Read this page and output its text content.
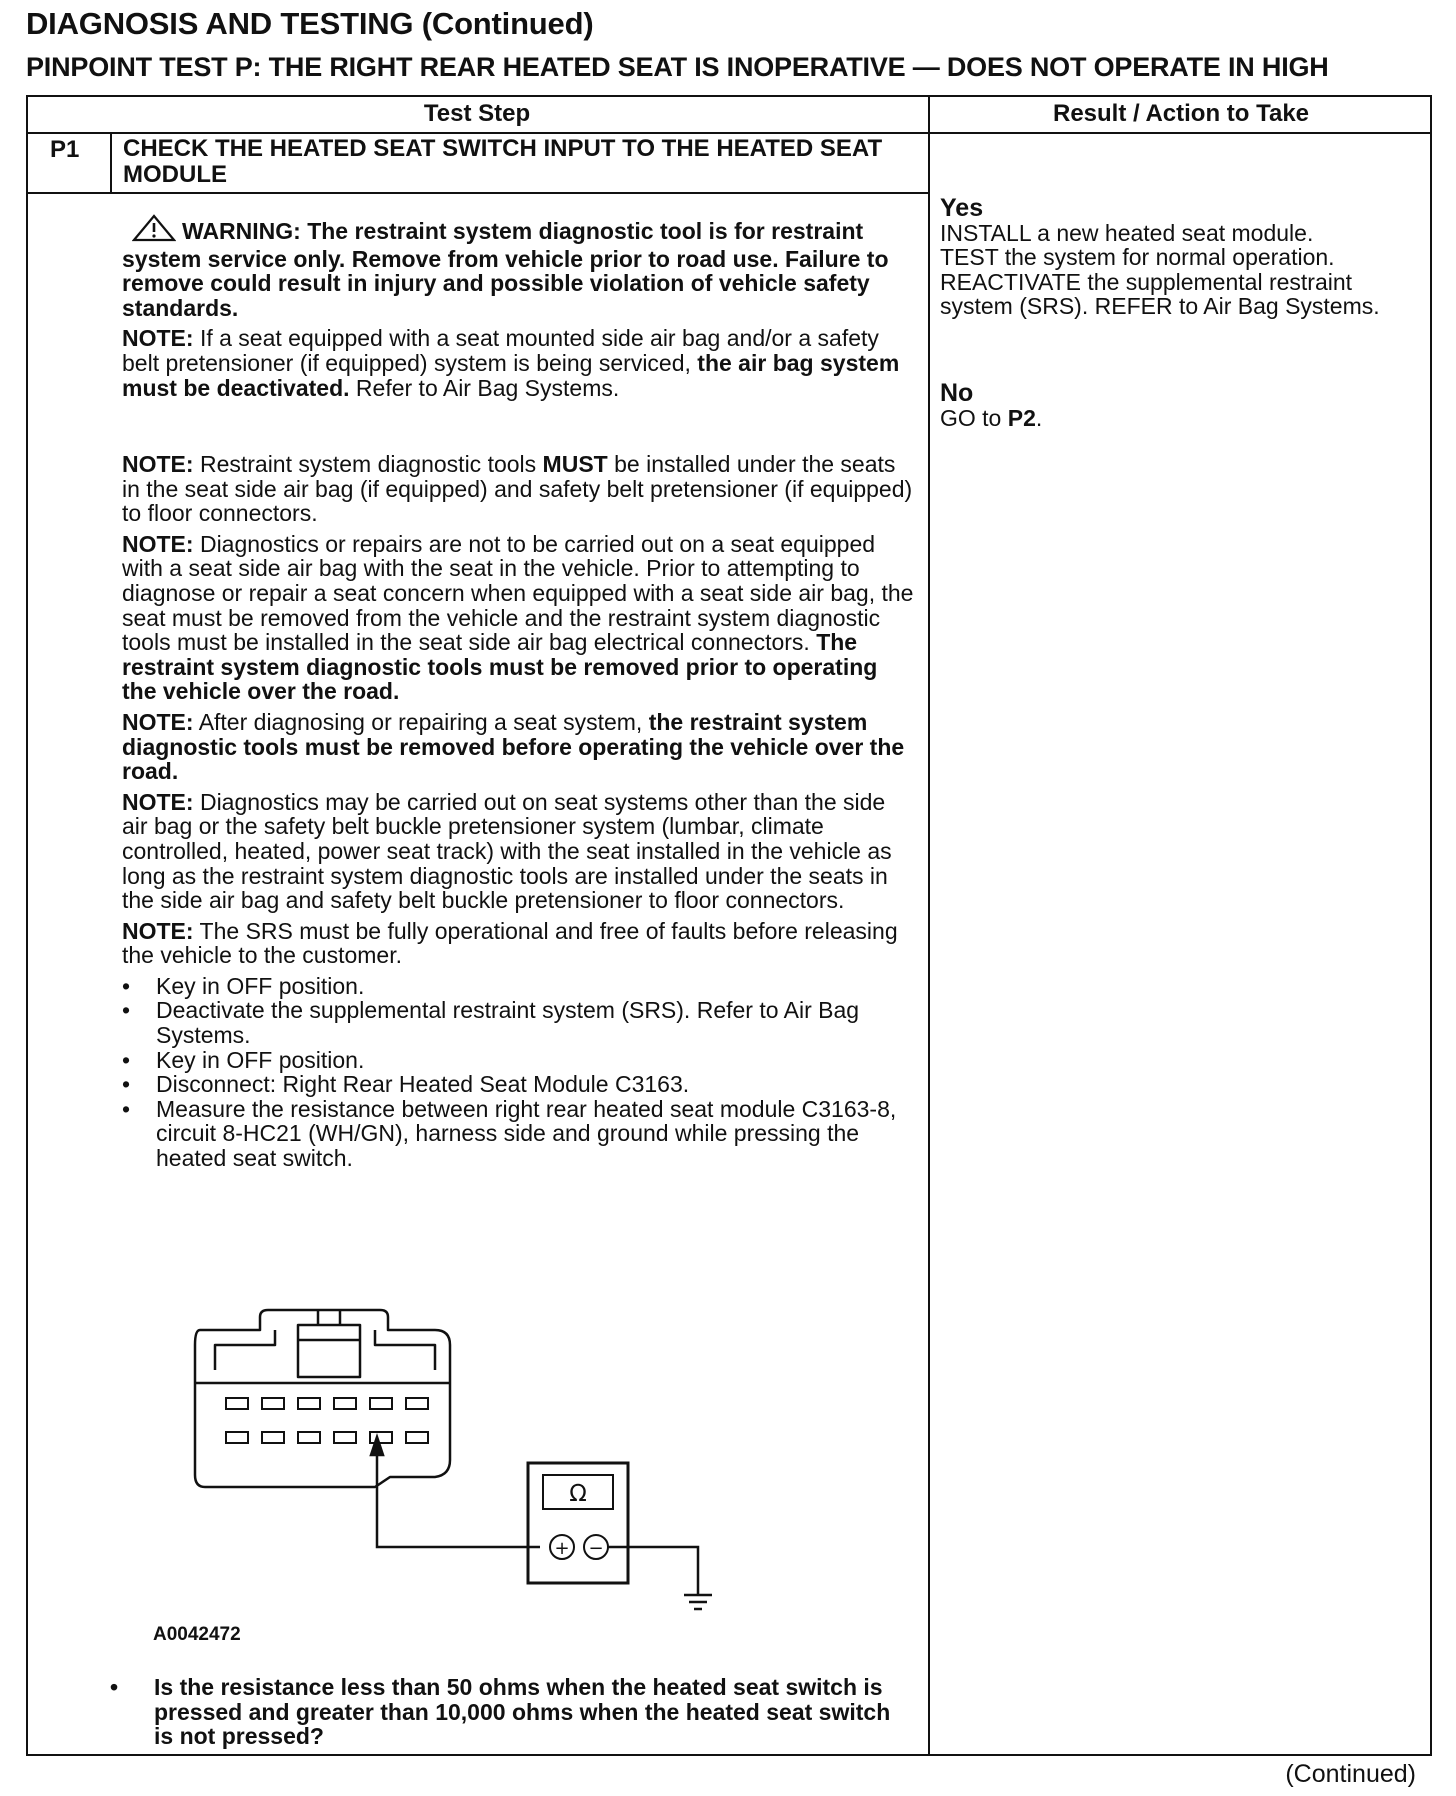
DIAGNOSIS AND TESTING (Continued)
PINPOINT TEST P: THE RIGHT REAR HEATED SEAT IS INOPERATIVE — DOES NOT OPERATE IN HIGH
Test Step	Result / Action to Take
P1 CHECK THE HEATED SEAT SWITCH INPUT TO THE HEATED SEAT MODULE

WARNING: The restraint system diagnostic tool is for restraint system service only. Remove from vehicle prior to road use. Failure to remove could result in injury and possible violation of vehicle safety standards.

NOTE: If a seat equipped with a seat mounted side air bag and/or a safety belt pretensioner (if equipped) system is being serviced, the air bag system must be deactivated. Refer to Air Bag Systems.

NOTE: Restraint system diagnostic tools MUST be installed under the seats in the seat side air bag (if equipped) and safety belt pretensioner (if equipped) to floor connectors.

NOTE: Diagnostics or repairs are not to be carried out on a seat equipped with a seat side air bag with the seat in the vehicle. Prior to attempting to diagnose or repair a seat concern when equipped with a seat side air bag, the seat must be removed from the vehicle and the restraint system diagnostic tools must be installed in the seat side air bag electrical connectors. The restraint system diagnostic tools must be removed prior to operating the vehicle over the road.

NOTE: After diagnosing or repairing a seat system, the restraint system diagnostic tools must be removed before operating the vehicle over the road.

NOTE: Diagnostics may be carried out on seat systems other than the side air bag or the safety belt buckle pretensioner system (lumbar, climate controlled, heated, power seat track) with the seat installed in the vehicle as long as the restraint system diagnostic tools are installed under the seats in the side air bag and safety belt buckle pretensioner to floor connectors.

NOTE: The SRS must be fully operational and free of faults before releasing the vehicle to the customer.

• Key in OFF position.
• Deactivate the supplemental restraint system (SRS). Refer to Air Bag Systems.
• Key in OFF position.
• Disconnect: Right Rear Heated Seat Module C3163.
• Measure the resistance between right rear heated seat module C3163-8, circuit 8-HC21 (WH/GN), harness side and ground while pressing the heated seat switch.
Ω
+ −
A0042472
•	Is the resistance less than 50 ohms when the heated seat switch is pressed and greater than 10,000 ohms when the heated seat switch is not pressed?

Yes

INSTALL a new heated seat module.

TEST the system for normal operation.

REACTIVATE the supplemental restraint

system (SRS). REFER to Air Bag Systems.

No

GO to P2.

(Continued)
